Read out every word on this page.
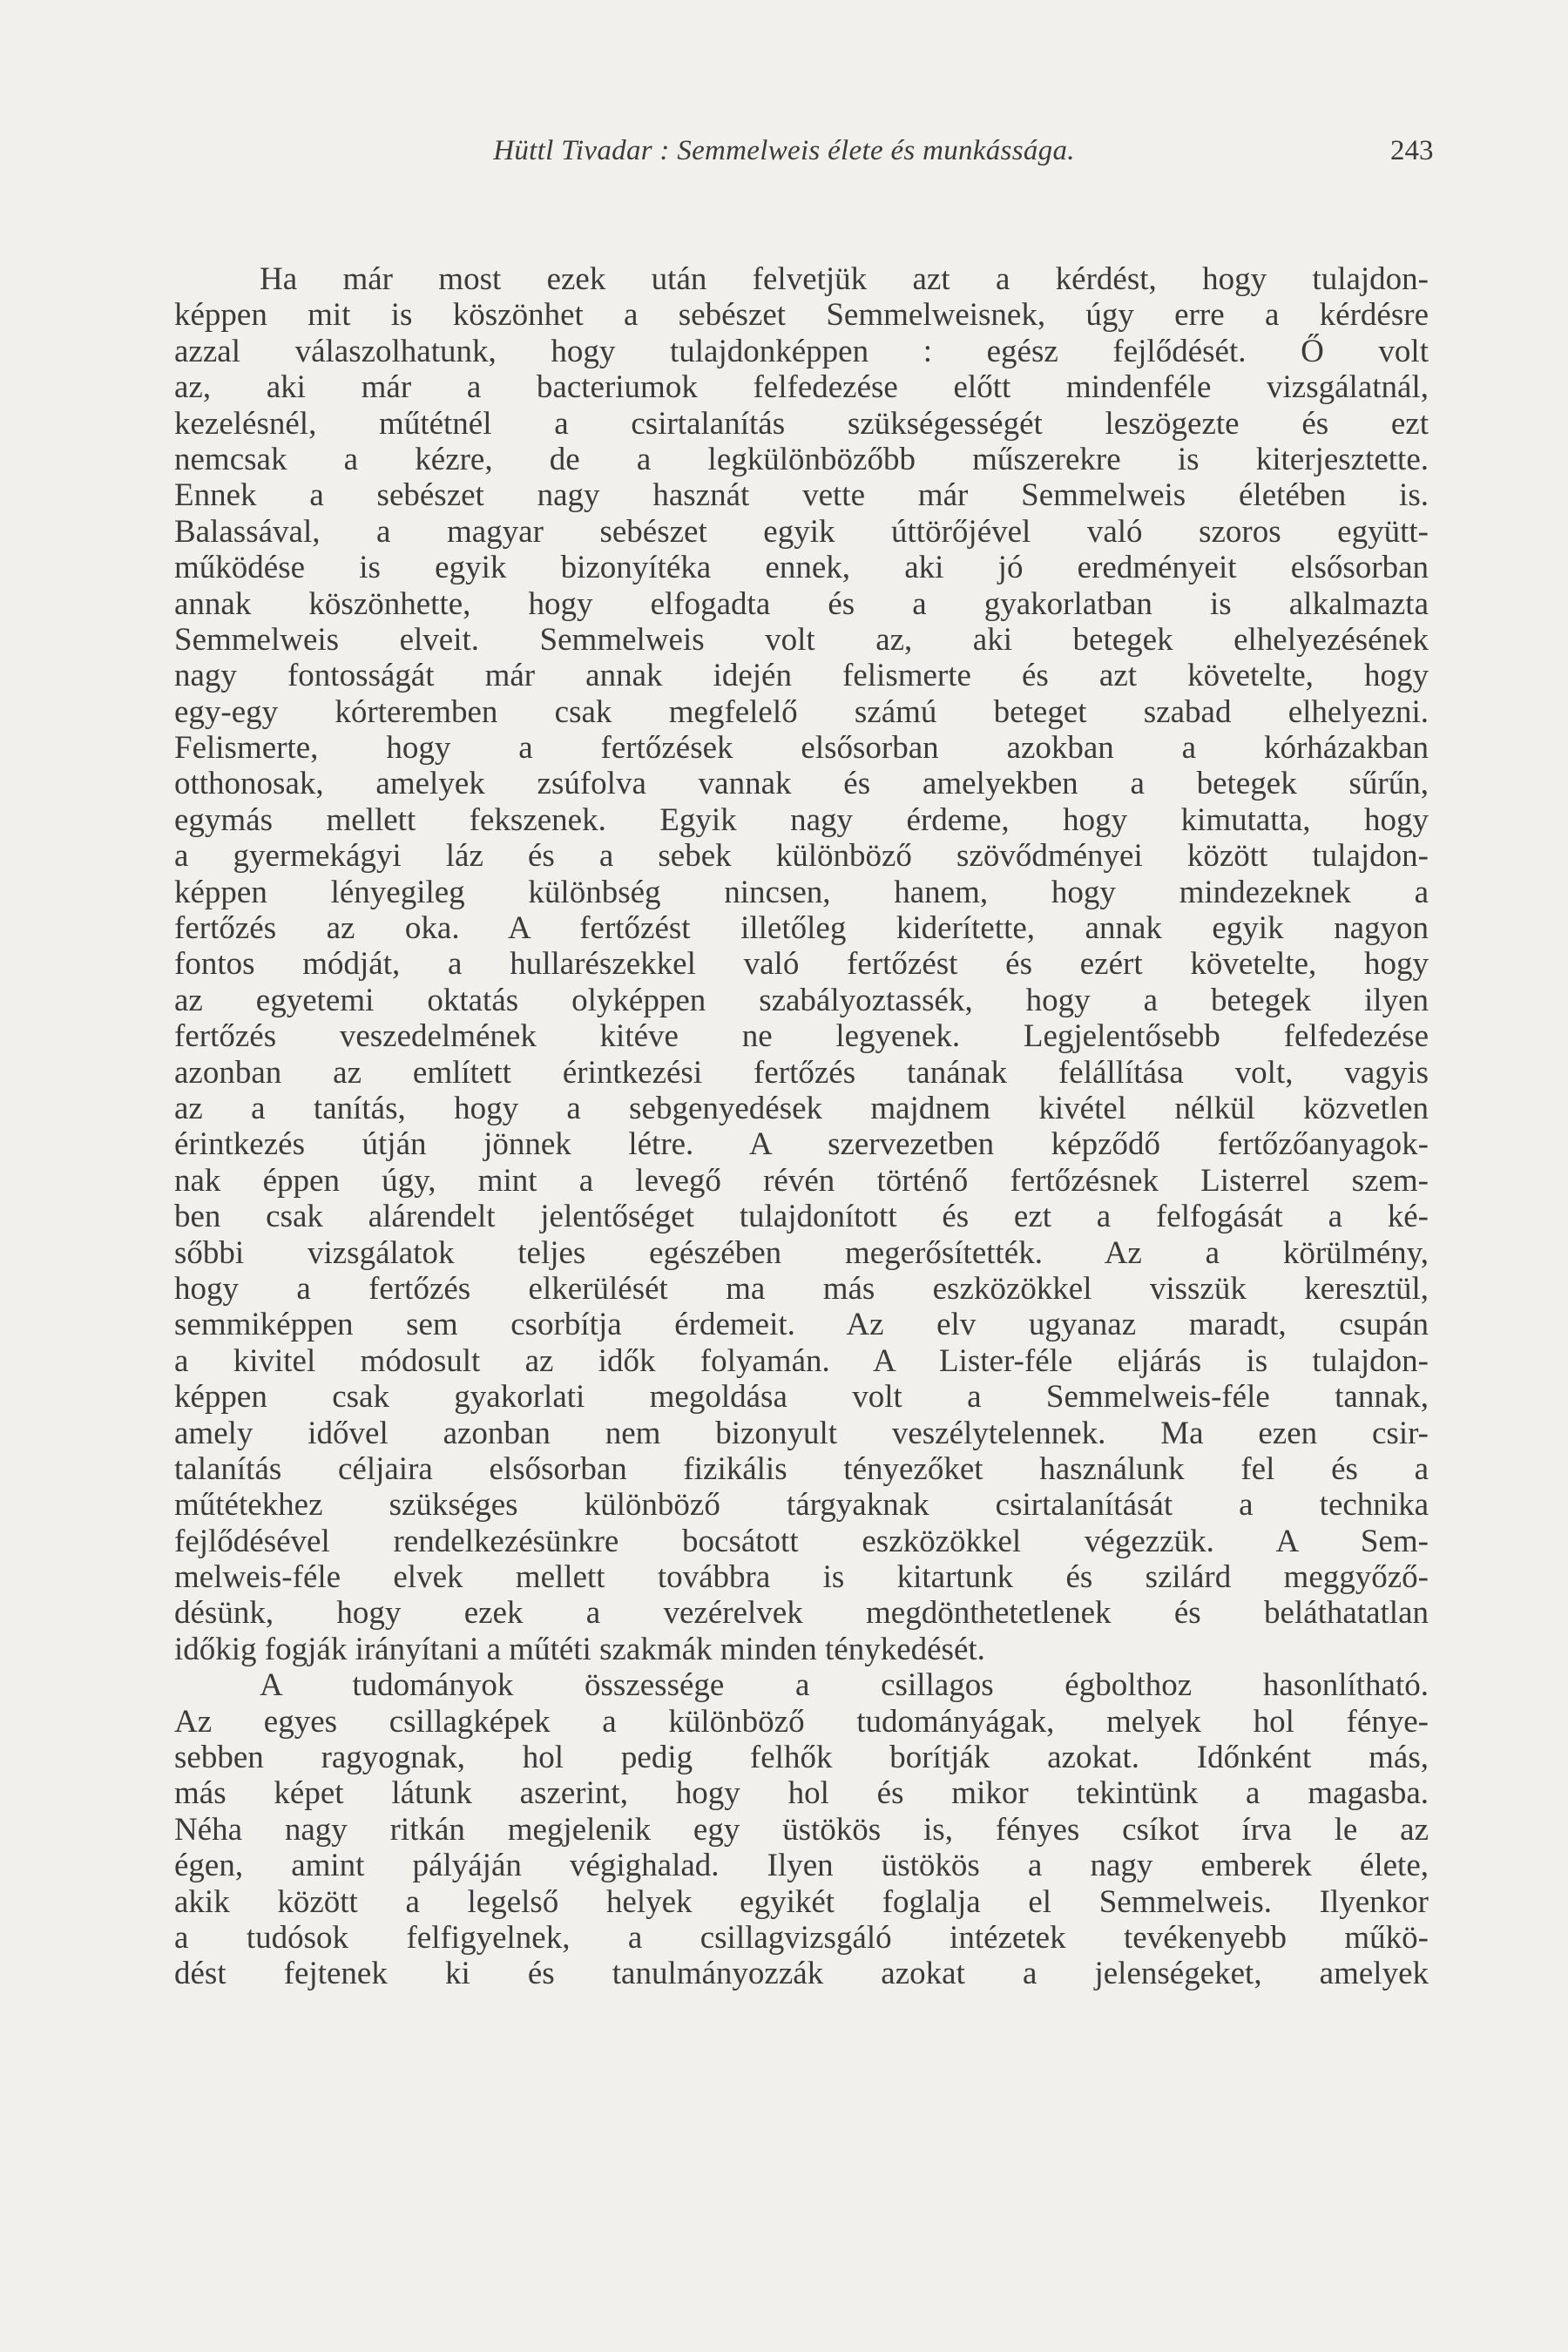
Hüttl Tivadar : Semmelweis élete és munkássága.	243
Ha már most ezek után felvetjük azt a kérdést, hogy tulajdon-
képpen mit is köszönhet a sebészet Semmelweisnek, úgy erre a kérdésre
azzal válaszolhatunk, hogy tulajdonképpen : egész fejlődését. Ő volt
az, aki már a bacteriumok felfedezése előtt mindenféle vizsgálatnál,
kezelésnél, műtétnél a csirtalanítás szükségességét leszögezte és ezt
nemcsak a kézre, de a legkülönbözőbb műszerekre is kiterjesztette.
Ennek a sebészet nagy hasznát vette már Semmelweis életében is.
Balassával, a magyar sebészet egyik úttörőjével való szoros együtt-
működése is egyik bizonyítéka ennek, aki jó eredményeit elsősorban
annak köszönhette, hogy elfogadta és a gyakorlatban is alkalmazta
Semmelweis elveit. Semmelweis volt az, aki betegek elhelyezésének
nagy fontosságát már annak idején felismerte és azt követelte, hogy
egy-egy kórteremben csak megfelelő számú beteget szabad elhelyezni.
Felismerte, hogy a fertőzések elsősorban azokban a kórházakban
otthonosak, amelyek zsúfolva vannak és amelyekben a betegek sűrűn,
egymás mellett fekszenek. Egyik nagy érdeme, hogy kimutatta, hogy
a gyermekágyi láz és a sebek különböző szövődményei között tulajdon-
képpen lényegileg különbség nincsen, hanem, hogy mindezeknek a
fertőzés az oka. A fertőzést illetőleg kiderítette, annak egyik nagyon
fontos módját, a hullarészekkel való fertőzést és ezért követelte, hogy
az egyetemi oktatás olyképpen szabályoztassék, hogy a betegek ilyen
fertőzés veszedelmének kitéve ne legyenek. Legjelentősebb felfedezése
azonban az említett érintkezési fertőzés tanának felállítása volt, vagyis
az a tanítás, hogy a sebgenyedések majdnem kivétel nélkül közvetlen
érintkezés útján jönnek létre. A szervezetben képződő fertőzőanyagok-
nak éppen úgy, mint a levegő révén történő fertőzésnek Listerrel szem-
ben csak alárendelt jelentőséget tulajdonított és ezt a felfogását a ké-
sőbbi vizsgálatok teljes egészében megerősítették. Az a körülmény,
hogy a fertőzés elkerülését ma más eszközökkel visszük keresztül,
semmiképpen sem csorbítja érdemeit. Az elv ugyanaz maradt, csupán
a kivitel módosult az idők folyamán. A Lister-féle eljárás is tulajdon-
képpen csak gyakorlati megoldása volt a Semmelweis-féle tannak,
amely idővel azonban nem bizonyult veszélytelennek. Ma ezen csir-
talanítás céljaira elsősorban fizikális tényezőket használunk fel és a
műtétekhez szükséges különböző tárgyaknak csirtalanítását a technika
fejlődésével rendelkezésünkre bocsátott eszközökkel végezzük. A Sem-
melweis-féle elvek mellett továbbra is kitartunk és szilárd meggyőző-
désünk, hogy ezek a vezérelvek megdönthetetlenek és beláthatatlan
időkig fogják irányítani a műtéti szakmák minden ténykedését.
A tudományok összessége a csillagos égbolthoz hasonlítható.
Az egyes csillagképek a különböző tudományágak, melyek hol fénye-
sebben ragyognak, hol pedig felhők borítják azokat. Időnként más,
más képet látunk aszerint, hogy hol és mikor tekintünk a magasba.
Néha nagy ritkán megjelenik egy üstökös is, fényes csíkot írva le az
égen, amint pályáján végighalad. Ilyen üstökös a nagy emberek élete,
akik között a legelső helyek egyikét foglalja el Semmelweis. Ilyenkor
a tudósok felfigyelnek, a csillagvizsgáló intézetek tevékenyebb műkö-
dést fejtenek ki és tanulmányozzák azokat a jelenségeket, amelyek
